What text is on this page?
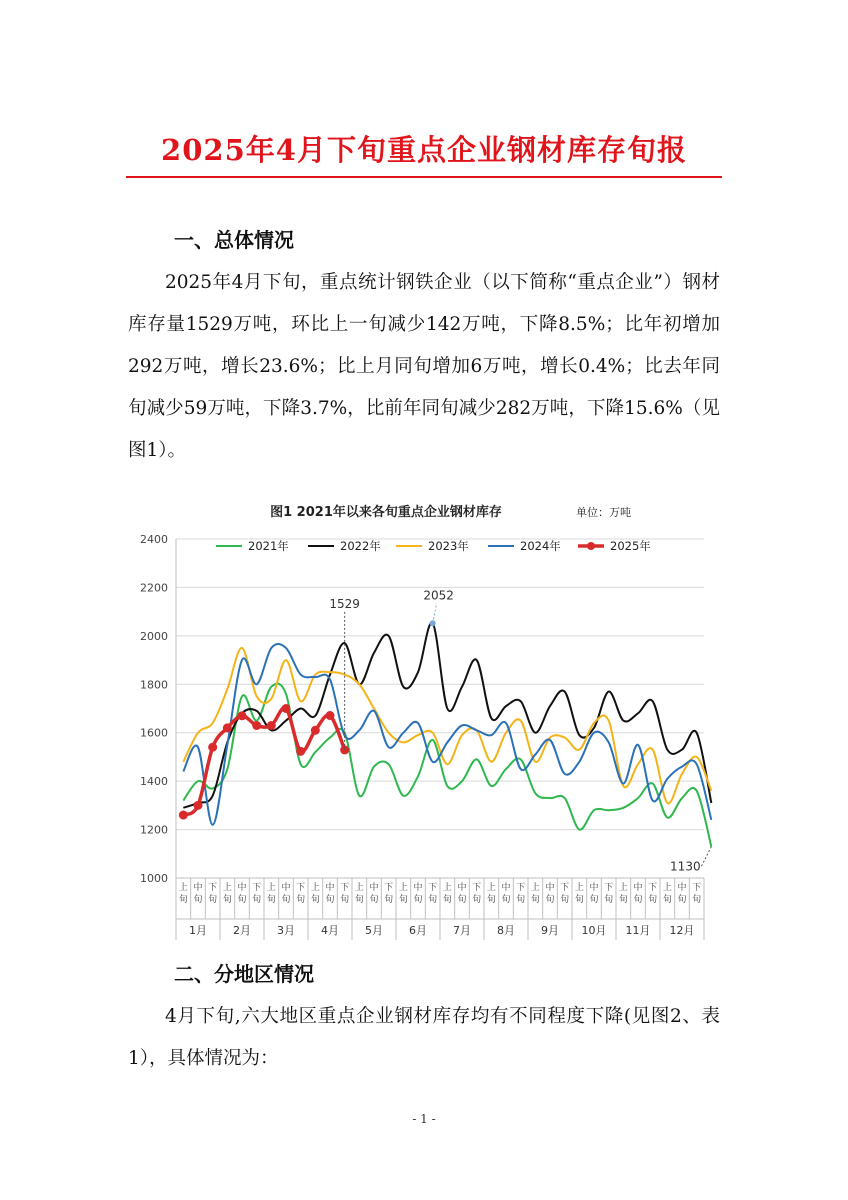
2025年4月下旬重点企业钢材库存旬报
一、总体情况

2025年4月下旬，重点统计钢铁企业（以下简称“重点企业”）钢材库存量1529万吨，环比上一旬减少142万吨，下降8.5%；比年初增加292万吨，增长23.6%；比上月同旬增加6万吨，增长0.4%；比去年同旬减少59万吨，下降3.7%，比前年同旬减少282万吨，下降15.6%（见图1）。

图1 2021年以来各旬重点企业钢材库存	单位：万吨
1000
1200
1400
1600
1800
2000
2200
2400
上
旬
中
旬
下
旬
上
旬
中
旬
下
旬
上
旬
中
旬
下
旬
上
旬
中
旬
下
旬
上
旬
中
旬
下
旬
上
旬
中
旬
下
旬
上
旬
中
旬
下
旬
上
旬
中
旬
下
旬
上
旬
中
旬
下
旬
上
旬
中
旬
下
旬
上
旬
中
旬
下
旬
上
旬
中
旬
下
旬
1月 2月 3月 4月 5月 6月 7月 8月 9月 10月 11月 12月
2021年	2022年	2023年	2024年	2025年
1529
2052
1130
二、分地区情况

4月下旬,六大地区重点企业钢材库存均有不同程度下降(见图2、表1），具体情况为：

- 1 -
